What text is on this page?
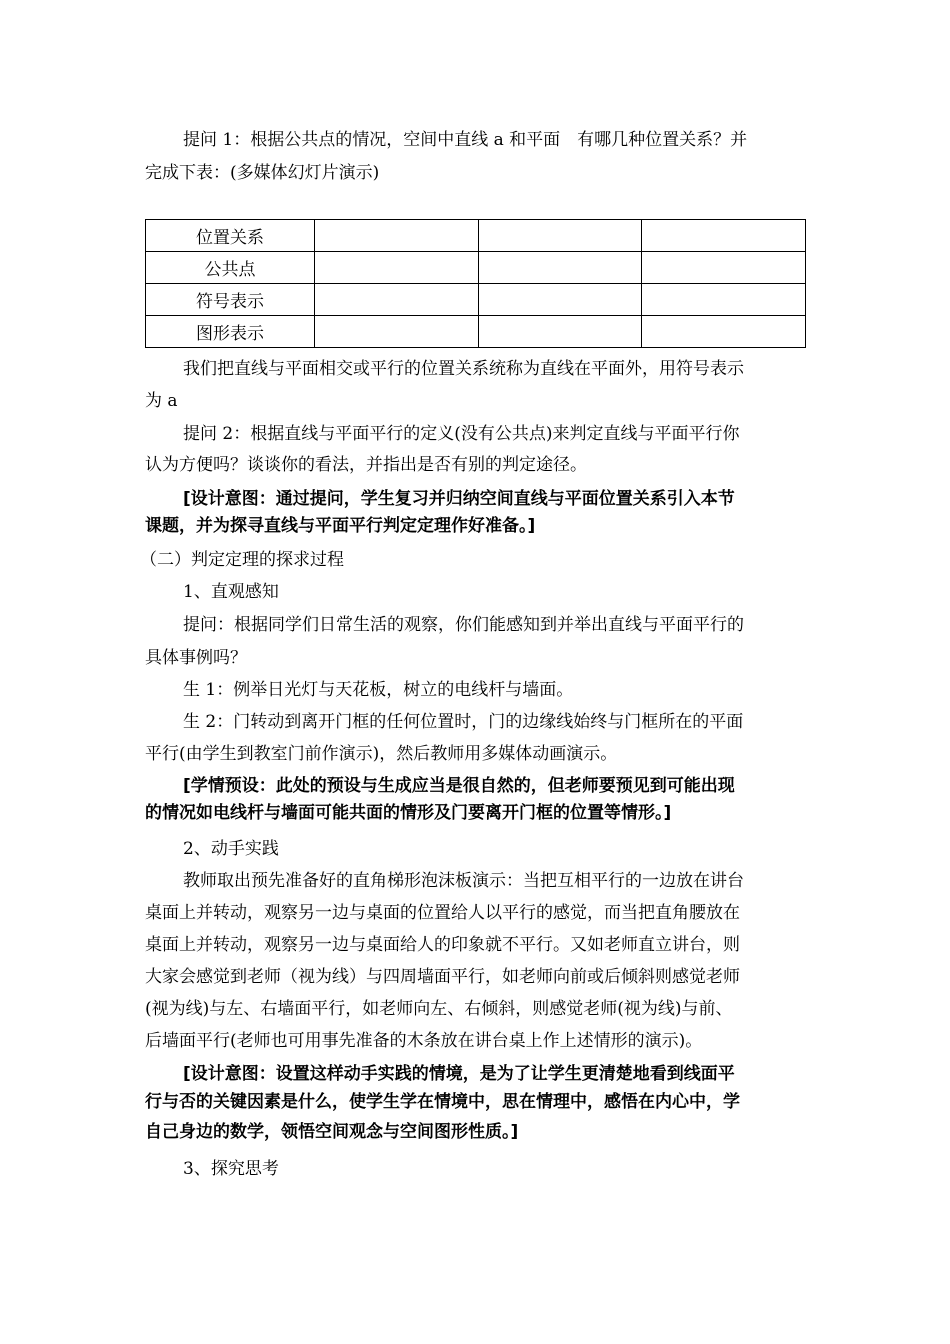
提问 1：根据公共点的情况，空间中直线 a 和平面　有哪几种位置关系？并
完成下表：(多媒体幻灯片演示)
位置关系			
公共点			
符号表示			
图形表示			
我们把直线与平面相交或平行的位置关系统称为直线在平面外，用符号表示
为 a
提问 2：根据直线与平面平行的定义(没有公共点)来判定直线与平面平行你
认为方便吗？谈谈你的看法，并指出是否有别的判定途径。
[设计意图：通过提问，学生复习并归纳空间直线与平面位置关系引入本节
课题，并为探寻直线与平面平行判定定理作好准备。]
（二）判定定理的探求过程
1、直观感知
提问：根据同学们日常生活的观察，你们能感知到并举出直线与平面平行的
具体事例吗？
生 1：例举日光灯与天花板，树立的电线杆与墙面。
生 2：门转动到离开门框的任何位置时，门的边缘线始终与门框所在的平面
平行(由学生到教室门前作演示)，然后教师用多媒体动画演示。
[学情预设：此处的预设与生成应当是很自然的，但老师要预见到可能出现
的情况如电线杆与墙面可能共面的情形及门要离开门框的位置等情形。]
2、动手实践
教师取出预先准备好的直角梯形泡沫板演示：当把互相平行的一边放在讲台
桌面上并转动，观察另一边与桌面的位置给人以平行的感觉，而当把直角腰放在
桌面上并转动，观察另一边与桌面给人的印象就不平行。又如老师直立讲台，则
大家会感觉到老师（视为线）与四周墙面平行，如老师向前或后倾斜则感觉老师
(视为线)与左、右墙面平行，如老师向左、右倾斜，则感觉老师(视为线)与前、
后墙面平行(老师也可用事先准备的木条放在讲台桌上作上述情形的演示)。
[设计意图：设置这样动手实践的情境，是为了让学生更清楚地看到线面平
行与否的关键因素是什么，使学生学在情境中，思在情理中，感悟在内心中，学
自己身边的数学，领悟空间观念与空间图形性质。]
3、探究思考
